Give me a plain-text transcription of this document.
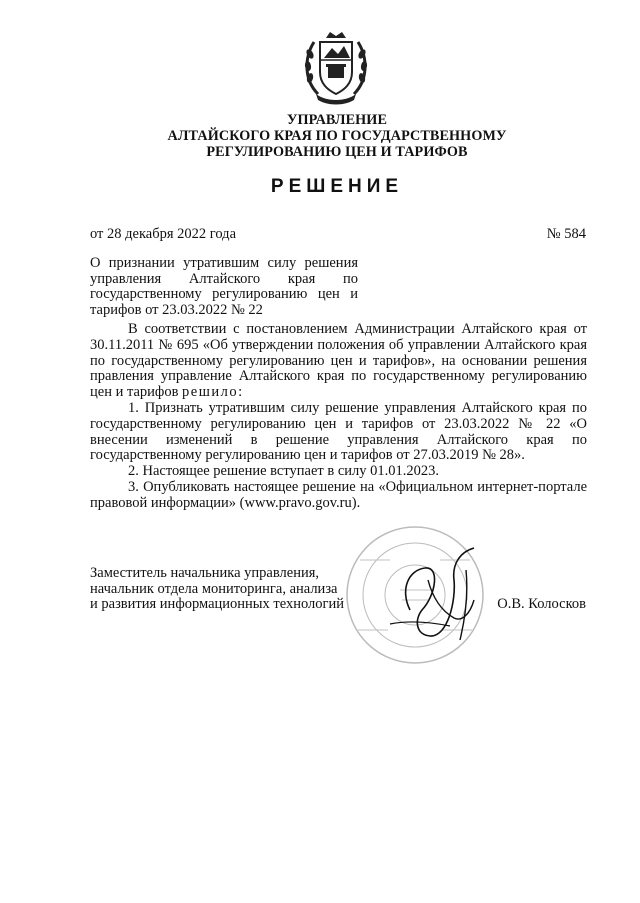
УПРАВЛЕНИЕ
АЛТАЙСКОГО КРАЯ ПО ГОСУДАРСТВЕННОМУ
РЕГУЛИРОВАНИЮ ЦЕН И ТАРИФОВ
РЕШЕНИЕ
от 28 декабря 2022 года	№ 584
О признании утратившим силу решения управления Алтайского края по государственному регулированию цен и тарифов от 23.03.2022 № 22

В соответствии с постановлением Администрации Алтайского края от 30.11.2011 № 695 «Об утверждении положения об управлении Алтайского края по государственному регулированию цен и тарифов», на основании решения правления управление Алтайского края по государственному регулированию цен и тарифов решило:

1. Признать утратившим силу решение управления Алтайского края по государственному регулированию цен и тарифов от 23.03.2022 № 22 «О внесении изменений в решение управления Алтайского края по государственному регулированию цен и тарифов от 27.03.2019 № 28».

2. Настоящее решение вступает в силу 01.01.2023.

3. Опубликовать настоящее решение на «Официальном интернет-портале правовой информации» (www.pravo.gov.ru).

Заместитель начальника управления,
начальник отдела мониторинга, анализа
и развития информационных технологий	О.В. Колосков
